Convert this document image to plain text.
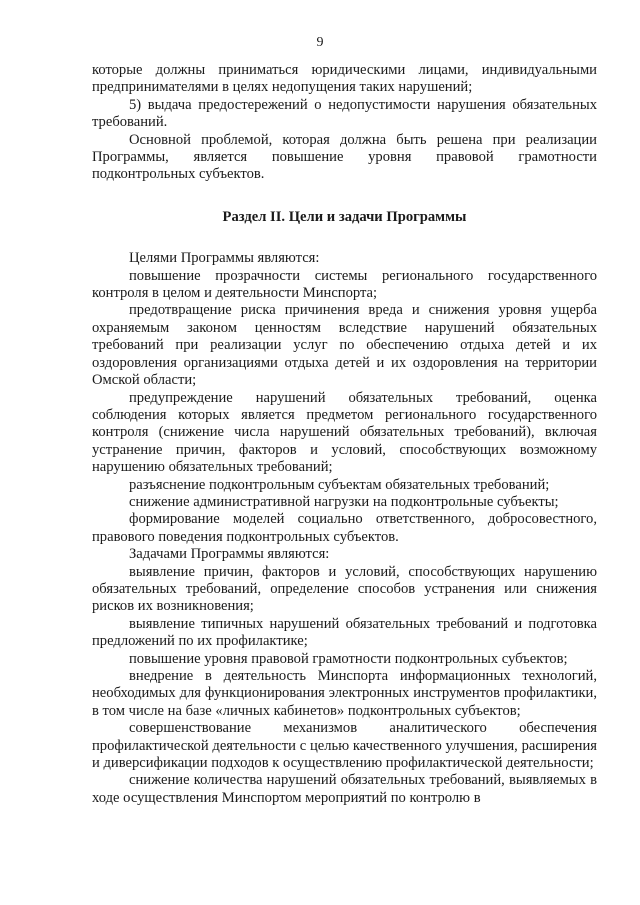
9

которые должны приниматься юридическими лицами, индивидуальными предпринимателями в целях недопущения таких нарушений;

5) выдача предостережений о недопустимости нарушения обязательных требований.

Основной проблемой, которая должна быть решена при реализации Программы, является повышение уровня правовой грамотности подконтрольных субъектов.

Раздел II. Цели и задачи Программы

Целями Программы являются:

повышение прозрачности системы регионального государственного контроля в целом и деятельности Минспорта;

предотвращение риска причинения вреда и снижения уровня ущерба охраняемым законом ценностям вследствие нарушений обязательных требований при реализации услуг по обеспечению отдыха детей и их оздоровления организациями отдыха детей и их оздоровления на территории Омской области;

предупреждение нарушений обязательных требований, оценка соблюдения которых является предметом регионального государственного контроля (снижение числа нарушений обязательных требований), включая устранение причин, факторов и условий, способствующих возможному нарушению обязательных требований;

разъяснение подконтрольным субъектам обязательных требований;

снижение административной нагрузки на подконтрольные субъекты;

формирование моделей социально ответственного, добросовестного, правового поведения подконтрольных субъектов.

Задачами Программы являются:

выявление причин, факторов и условий, способствующих нарушению обязательных требований, определение способов устранения или снижения рисков их возникновения;

выявление типичных нарушений обязательных требований и подготовка предложений по их профилактике;

повышение уровня правовой грамотности подконтрольных субъектов;

внедрение в деятельность Минспорта информационных технологий, необходимых для функционирования электронных инструментов профилактики, в том числе на базе «личных кабинетов» подконтрольных субъектов;

совершенствование механизмов аналитического обеспечения профилактической деятельности с целью качественного улучшения, расширения и диверсификации подходов к осуществлению профилактической деятельности;

снижение количества нарушений обязательных требований, выявляемых в ходе осуществления Минспортом мероприятий по контролю в
